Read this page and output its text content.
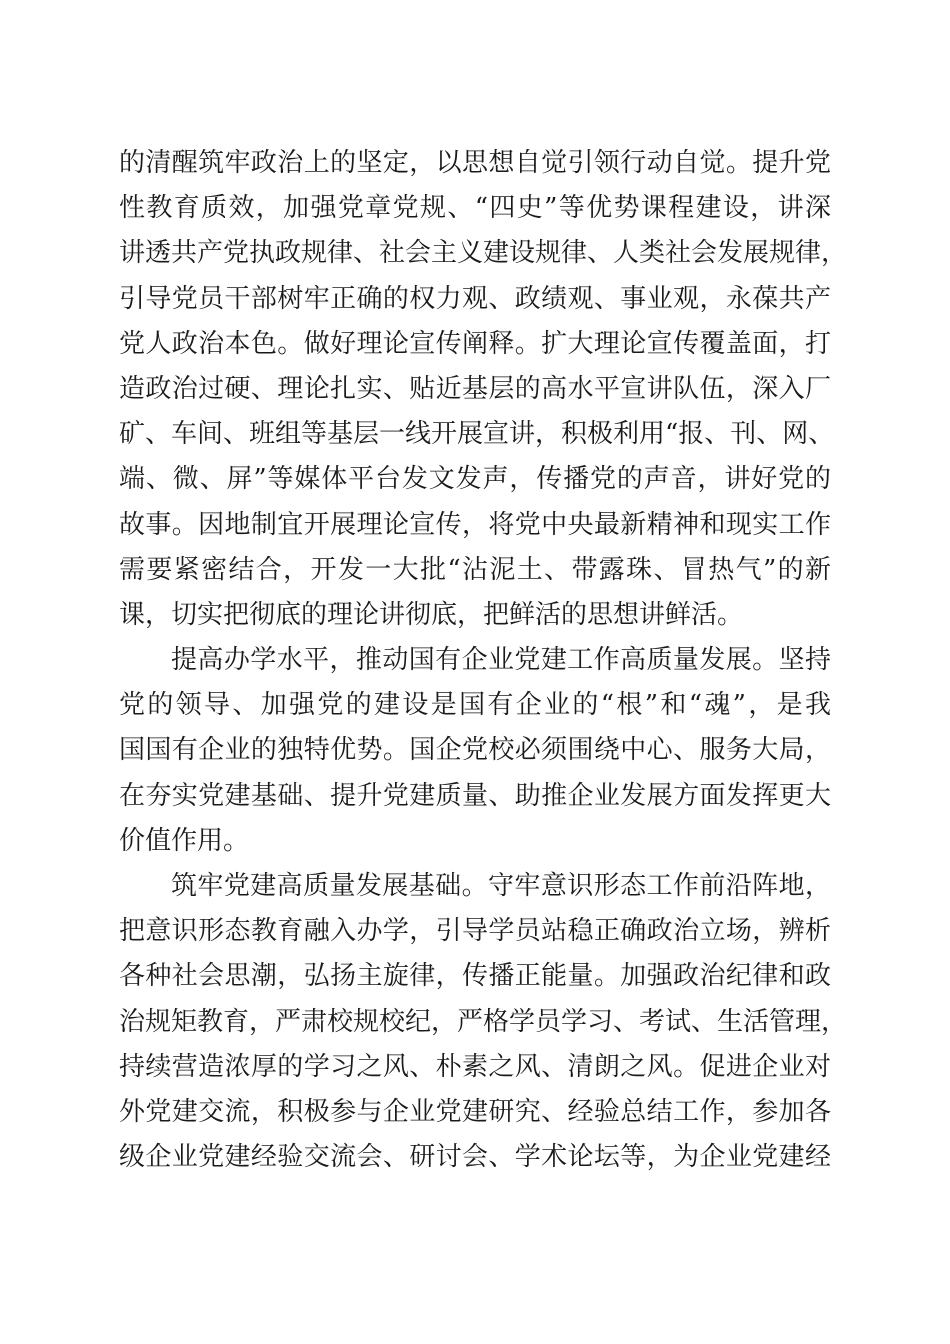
的清醒筑牢政治上的坚定，以思想自觉引领行动自觉。提升党
性教育质效，加强党章党规、“四史”等优势课程建设，讲深
讲透共产党执政规律、社会主义建设规律、人类社会发展规律，
引导党员干部树牢正确的权力观、政绩观、事业观，永葆共产
党人政治本色。做好理论宣传阐释。扩大理论宣传覆盖面，打
造政治过硬、理论扎实、贴近基层的高水平宣讲队伍，深入厂
矿、车间、班组等基层一线开展宣讲，积极利用“报、刊、网、
端、微、屏”等媒体平台发文发声，传播党的声音，讲好党的
故事。因地制宜开展理论宣传，将党中央最新精神和现实工作
需要紧密结合，开发一大批“沾泥土、带露珠、冒热气”的新
课，切实把彻底的理论讲彻底，把鲜活的思想讲鲜活。
提高办学水平，推动国有企业党建工作高质量发展。坚持
党的领导、加强党的建设是国有企业的“根”和“魂”，是我
国国有企业的独特优势。国企党校必须围绕中心、服务大局，
在夯实党建基础、提升党建质量、助推企业发展方面发挥更大
价值作用。
筑牢党建高质量发展基础。守牢意识形态工作前沿阵地，
把意识形态教育融入办学，引导学员站稳正确政治立场，辨析
各种社会思潮，弘扬主旋律，传播正能量。加强政治纪律和政
治规矩教育，严肃校规校纪，严格学员学习、考试、生活管理，
持续营造浓厚的学习之风、朴素之风、清朗之风。促进企业对
外党建交流，积极参与企业党建研究、经验总结工作，参加各
级企业党建经验交流会、研讨会、学术论坛等，为企业党建经
